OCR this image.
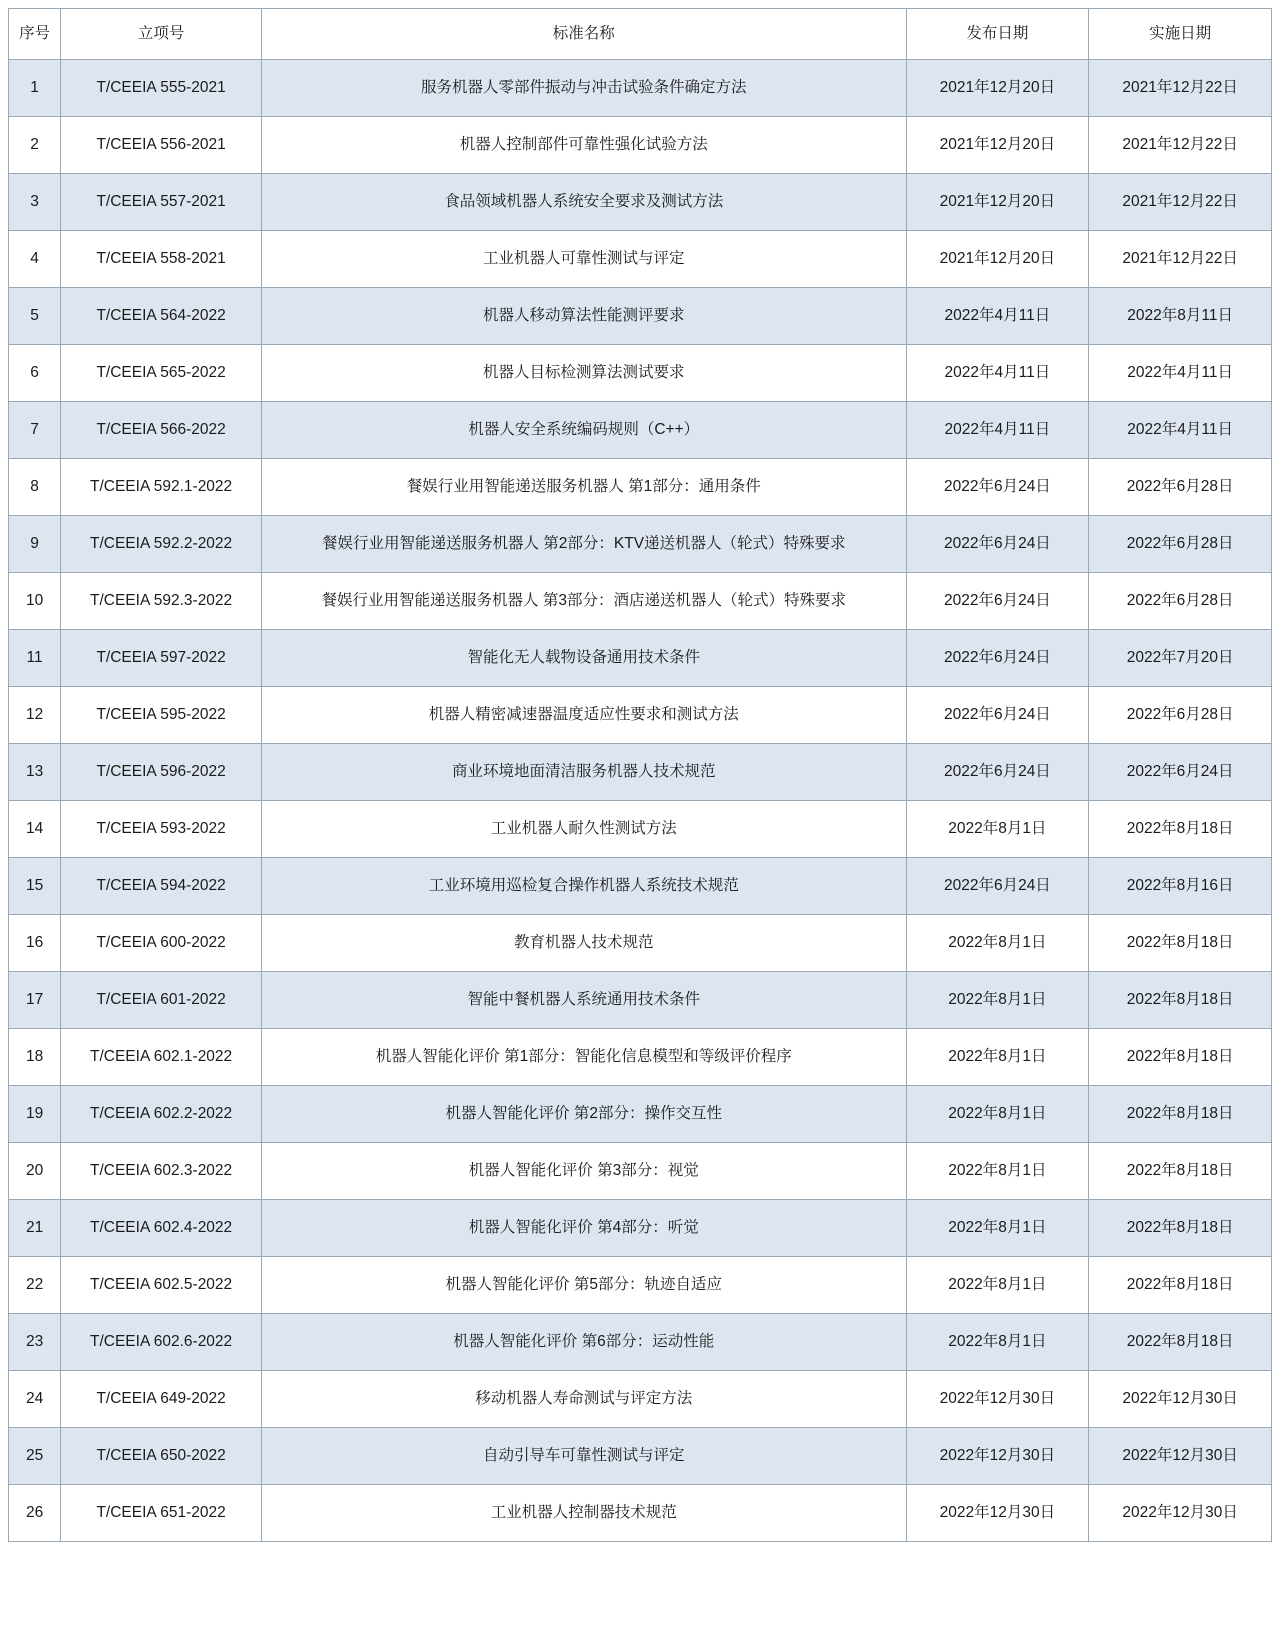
序号	立项号	标准名称	发布日期	实施日期
1	T/CEEIA 555-2021	服务机器人零部件振动与冲击试验条件确定方法	2021年12月20日	2021年12月22日
2	T/CEEIA 556-2021	机器人控制部件可靠性强化试验方法	2021年12月20日	2021年12月22日
3	T/CEEIA 557-2021	食品领域机器人系统安全要求及测试方法	2021年12月20日	2021年12月22日
4	T/CEEIA 558-2021	工业机器人可靠性测试与评定	2021年12月20日	2021年12月22日
5	T/CEEIA 564-2022	机器人移动算法性能测评要求	2022年4月11日	2022年8月11日
6	T/CEEIA 565-2022	机器人目标检测算法测试要求	2022年4月11日	2022年4月11日
7	T/CEEIA 566-2022	机器人安全系统编码规则（C++）	2022年4月11日	2022年4月11日
8	T/CEEIA 592.1-2022	餐娱行业用智能递送服务机器人 第1部分：通用条件	2022年6月24日	2022年6月28日
9	T/CEEIA 592.2-2022	餐娱行业用智能递送服务机器人 第2部分：KTV递送机器人（轮式）特殊要求	2022年6月24日	2022年6月28日
10	T/CEEIA 592.3-2022	餐娱行业用智能递送服务机器人 第3部分：酒店递送机器人（轮式）特殊要求	2022年6月24日	2022年6月28日
11	T/CEEIA 597-2022	智能化无人载物设备通用技术条件	2022年6月24日	2022年7月20日
12	T/CEEIA 595-2022	机器人精密减速器温度适应性要求和测试方法	2022年6月24日	2022年6月28日
13	T/CEEIA 596-2022	商业环境地面清洁服务机器人技术规范	2022年6月24日	2022年6月24日
14	T/CEEIA 593-2022	工业机器人耐久性测试方法	2022年8月1日	2022年8月18日
15	T/CEEIA 594-2022	工业环境用巡检复合操作机器人系统技术规范	2022年6月24日	2022年8月16日
16	T/CEEIA 600-2022	教育机器人技术规范	2022年8月1日	2022年8月18日
17	T/CEEIA 601-2022	智能中餐机器人系统通用技术条件	2022年8月1日	2022年8月18日
18	T/CEEIA 602.1-2022	机器人智能化评价 第1部分：智能化信息模型和等级评价程序	2022年8月1日	2022年8月18日
19	T/CEEIA 602.2-2022	机器人智能化评价 第2部分：操作交互性	2022年8月1日	2022年8月18日
20	T/CEEIA 602.3-2022	机器人智能化评价 第3部分：视觉	2022年8月1日	2022年8月18日
21	T/CEEIA 602.4-2022	机器人智能化评价 第4部分：听觉	2022年8月1日	2022年8月18日
22	T/CEEIA 602.5-2022	机器人智能化评价 第5部分：轨迹自适应	2022年8月1日	2022年8月18日
23	T/CEEIA 602.6-2022	机器人智能化评价 第6部分：运动性能	2022年8月1日	2022年8月18日
24	T/CEEIA 649-2022	移动机器人寿命测试与评定方法	2022年12月30日	2022年12月30日
25	T/CEEIA 650-2022	自动引导车可靠性测试与评定	2022年12月30日	2022年12月30日
26	T/CEEIA 651-2022	工业机器人控制器技术规范	2022年12月30日	2022年12月30日
